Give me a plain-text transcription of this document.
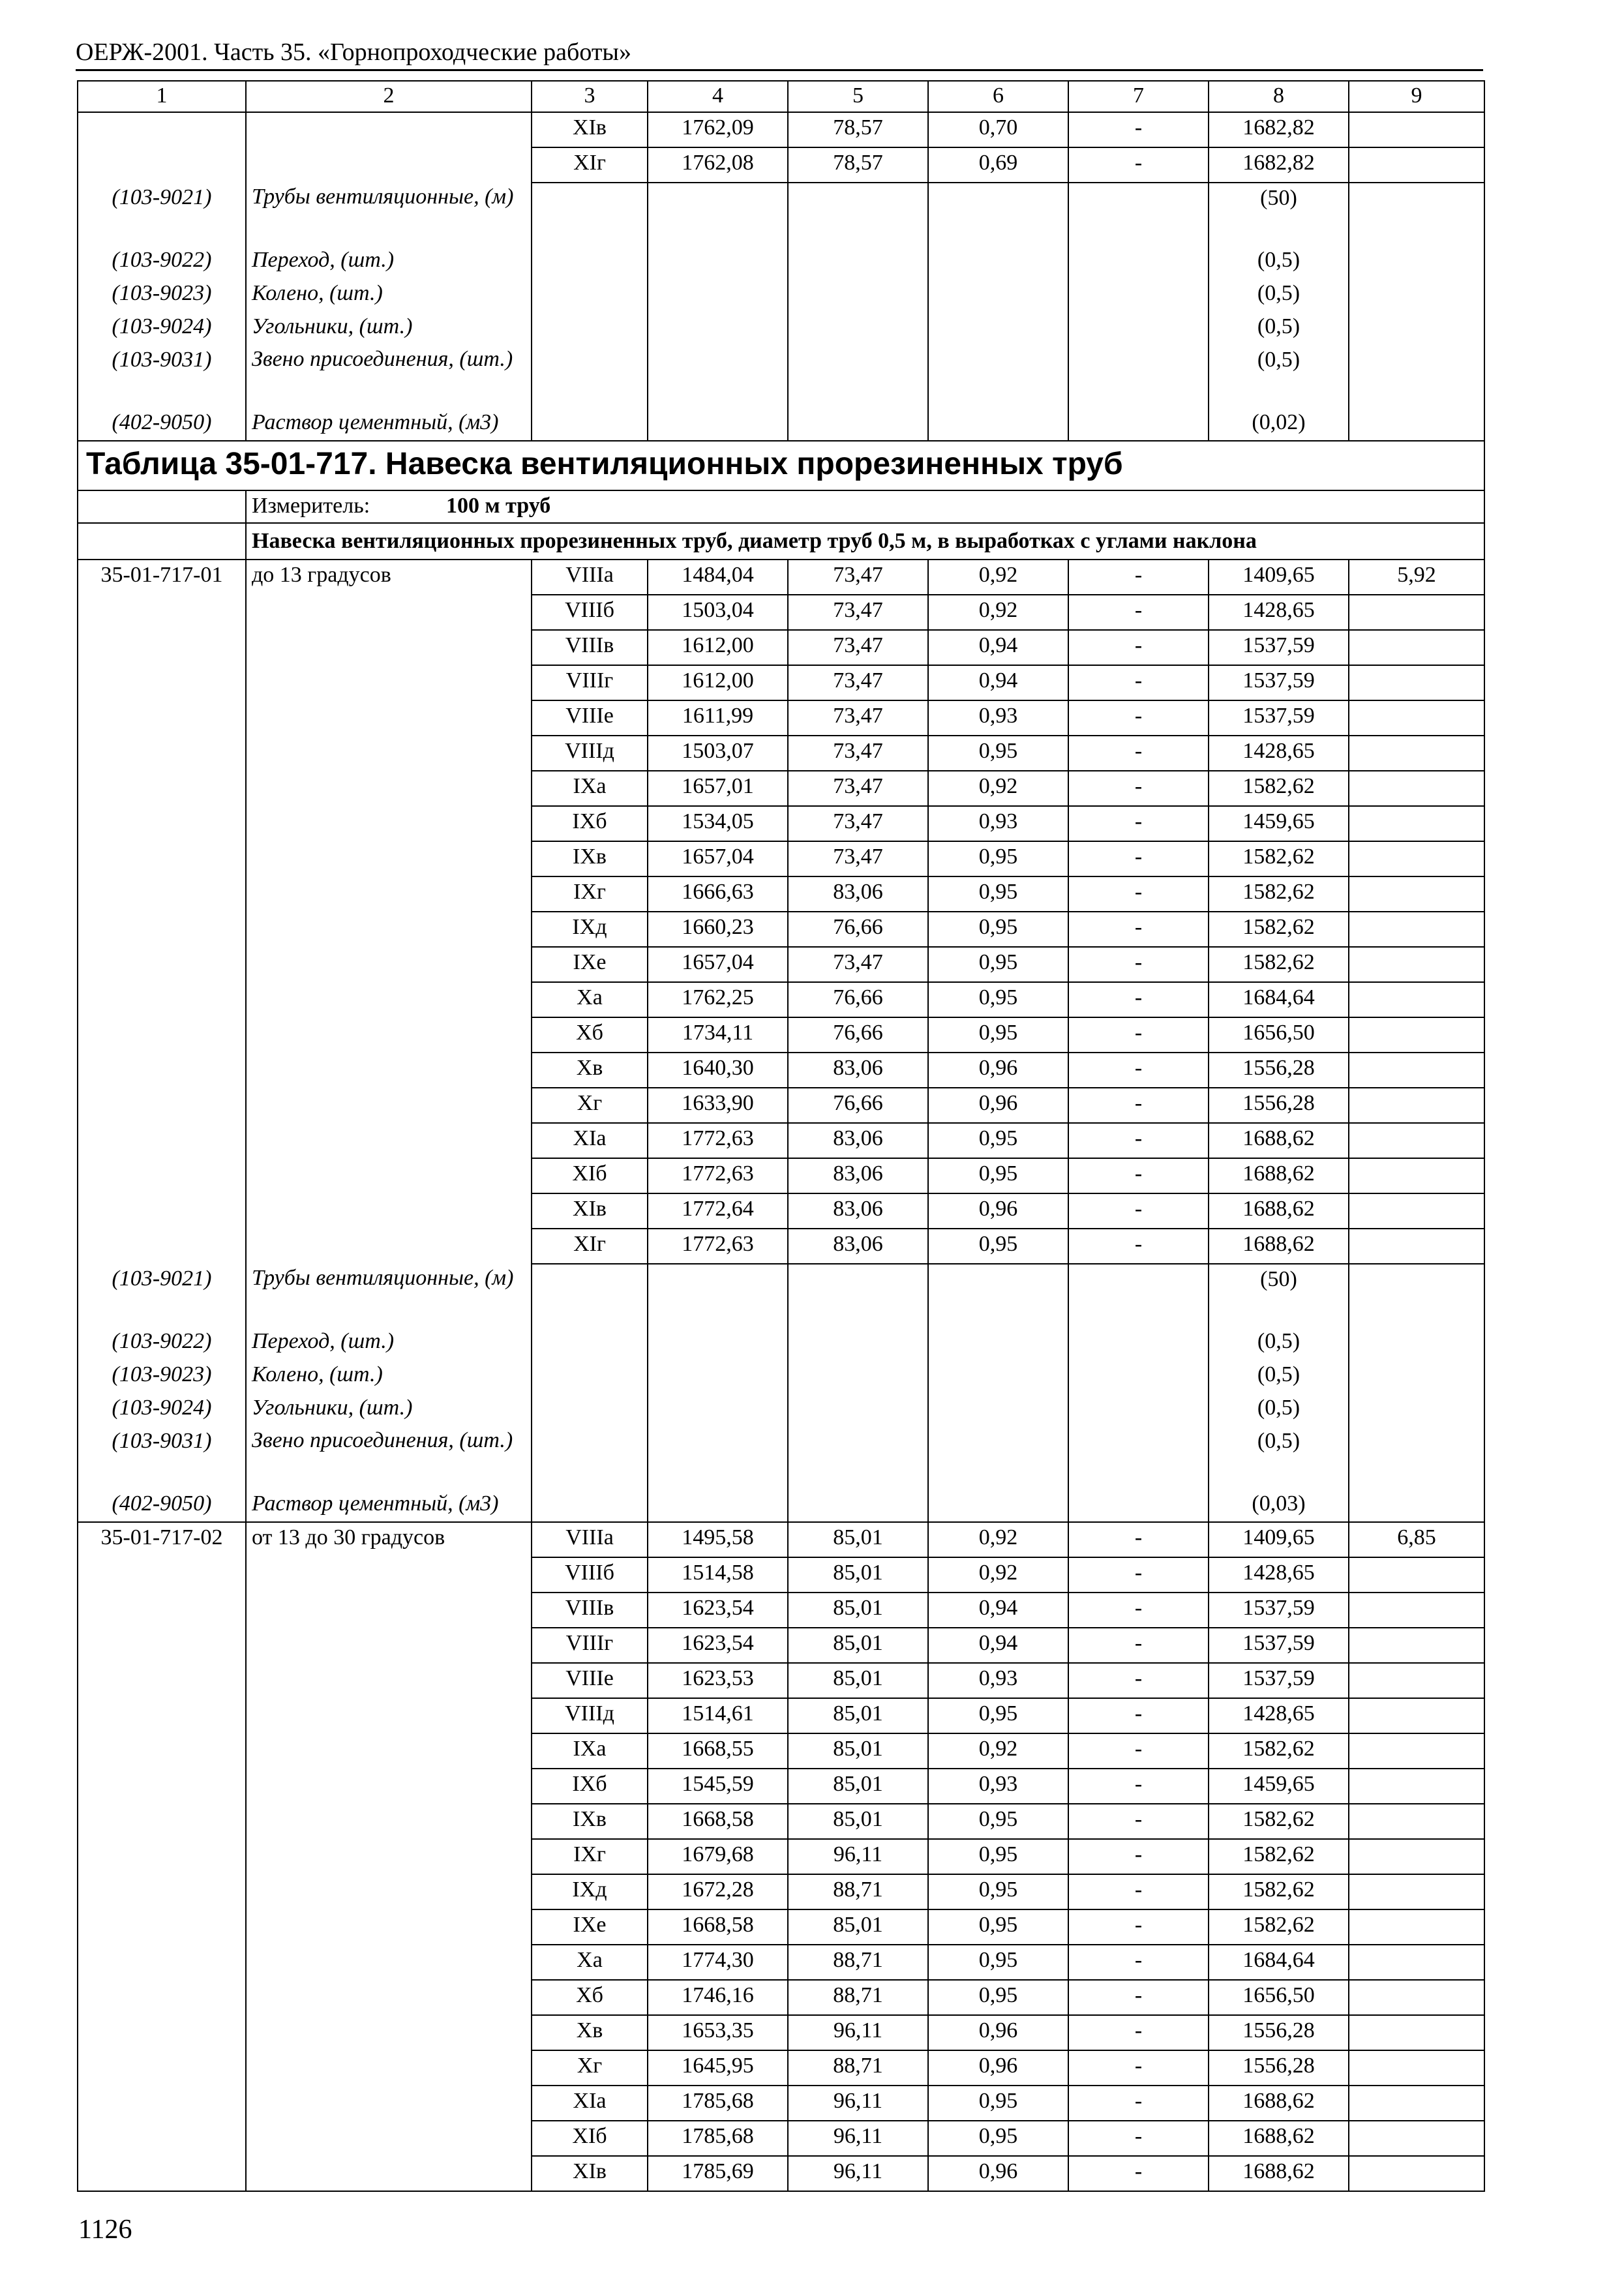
ОЕРЖ-2001. Часть 35. «Горнопроходческие работы»
1	2	3	4	5	6	7	8	9
		XIв	1762,09	78,57	0,70	-	1682,82	
		XIг	1762,08	78,57	0,69	-	1682,82	
(103-9021)	Трубы вентиляционные, (м)						(50)	
(103-9022)	Переход, (шт.)						(0,5)	
(103-9023)	Колено, (шт.)						(0,5)	
(103-9024)	Угольники, (шт.)						(0,5)	
(103-9031)	Звено присоединения, (шт.)						(0,5)	
(402-9050)	Раствор цементный, (м3)						(0,02)	
Таблица 35-01-717. Навеска вентиляционных прорезиненных труб								
	Измеритель: 100 м труб							
	Навеска вентиляционных прорезиненных труб, диаметр труб 0,5 м, в выработках с углами наклона							
35-01-717-01	до 13 градусов	VIIIа	1484,04	73,47	0,92	-	1409,65	5,92
		VIIIб	1503,04	73,47	0,92	-	1428,65	
		VIIIв	1612,00	73,47	0,94	-	1537,59	
		VIIIг	1612,00	73,47	0,94	-	1537,59	
		VIIIе	1611,99	73,47	0,93	-	1537,59	
		VIIIд	1503,07	73,47	0,95	-	1428,65	
		IXа	1657,01	73,47	0,92	-	1582,62	
		IXб	1534,05	73,47	0,93	-	1459,65	
		IXв	1657,04	73,47	0,95	-	1582,62	
		IXг	1666,63	83,06	0,95	-	1582,62	
		IXд	1660,23	76,66	0,95	-	1582,62	
		IXе	1657,04	73,47	0,95	-	1582,62	
		Xа	1762,25	76,66	0,95	-	1684,64	
		Xб	1734,11	76,66	0,95	-	1656,50	
		Xв	1640,30	83,06	0,96	-	1556,28	
		Xг	1633,90	76,66	0,96	-	1556,28	
		XIа	1772,63	83,06	0,95	-	1688,62	
		XIб	1772,63	83,06	0,95	-	1688,62	
		XIв	1772,64	83,06	0,96	-	1688,62	
		XIг	1772,63	83,06	0,95	-	1688,62	
(103-9021)	Трубы вентиляционные, (м)						(50)	
(103-9022)	Переход, (шт.)						(0,5)	
(103-9023)	Колено, (шт.)						(0,5)	
(103-9024)	Угольники, (шт.)						(0,5)	
(103-9031)	Звено присоединения, (шт.)						(0,5)	
(402-9050)	Раствор цементный, (м3)						(0,03)	
35-01-717-02	от 13 до 30 градусов	VIIIа	1495,58	85,01	0,92	-	1409,65	6,85
		VIIIб	1514,58	85,01	0,92	-	1428,65	
		VIIIв	1623,54	85,01	0,94	-	1537,59	
		VIIIг	1623,54	85,01	0,94	-	1537,59	
		VIIIе	1623,53	85,01	0,93	-	1537,59	
		VIIIд	1514,61	85,01	0,95	-	1428,65	
		IXа	1668,55	85,01	0,92	-	1582,62	
		IXб	1545,59	85,01	0,93	-	1459,65	
		IXв	1668,58	85,01	0,95	-	1582,62	
		IXг	1679,68	96,11	0,95	-	1582,62	
		IXд	1672,28	88,71	0,95	-	1582,62	
		IXе	1668,58	85,01	0,95	-	1582,62	
		Xа	1774,30	88,71	0,95	-	1684,64	
		Xб	1746,16	88,71	0,95	-	1656,50	
		Xв	1653,35	96,11	0,96	-	1556,28	
		Xг	1645,95	88,71	0,96	-	1556,28	
		XIа	1785,68	96,11	0,95	-	1688,62	
		XIб	1785,68	96,11	0,95	-	1688,62	
		XIв	1785,69	96,11	0,96	-	1688,62	
1126
